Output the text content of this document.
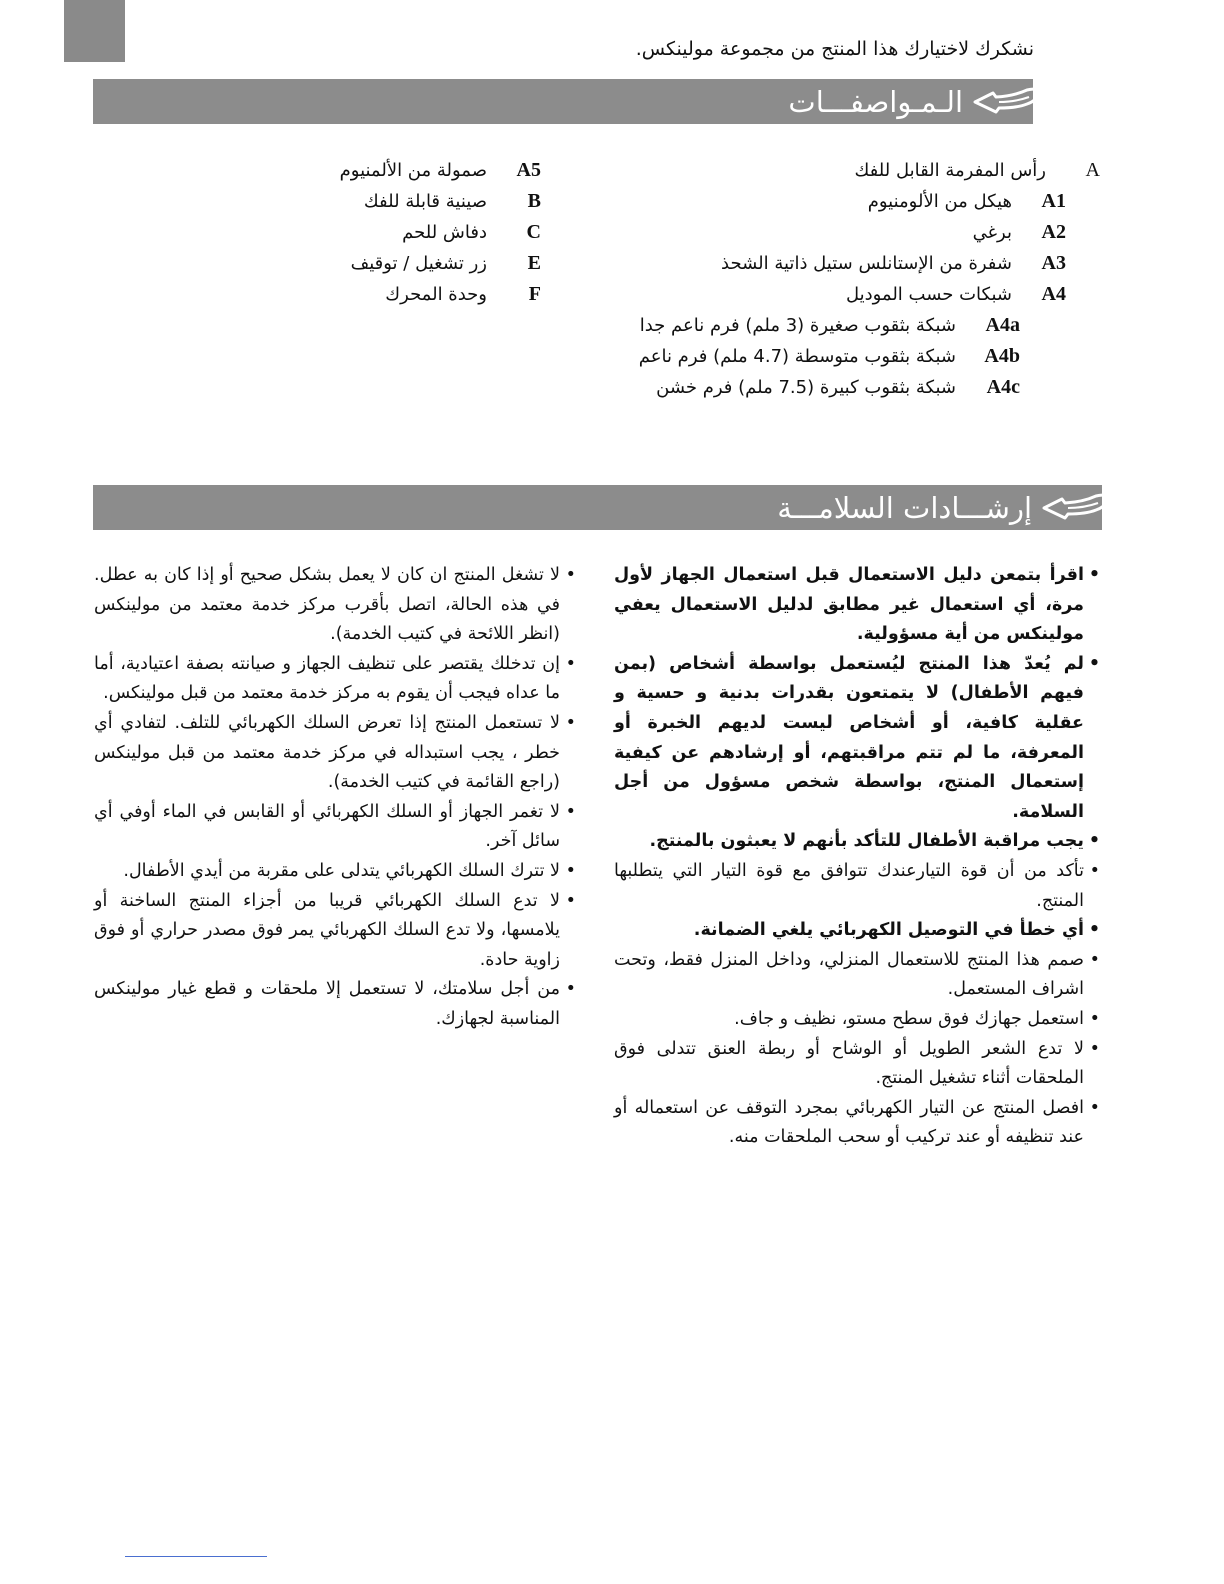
نشكرك لاختيارك هذا المنتج من مجموعة مولينكس.
الـمـواصفـــات
A
رأس المفرمة القابل للفك
A1
هيكل من الألومنيوم
A2
برغي
A3
شفرة من الإستانلس ستيل ذاتية الشحذ
A4
شبكات حسب الموديل
A4a
شبكة بثقوب صغيرة (3 ملم) فرم ناعم جدا
A4b
شبكة بثقوب متوسطة (4.7 ملم) فرم ناعم
A4c
شبكة بثقوب كبيرة (7.5 ملم) فرم خشن
A5
صمولة من الألمنيوم
B
صينية قابلة للفك
C
دفاش للحم
E
زر تشغيل / توقيف
F
وحدة المحرك
إرشـــادات السلامـــة
• اقرأ بتمعن دليل الاستعمال قبل استعمال الجهاز لأول مرة، أي استعمال غير مطابق لدليل الاستعمال يعفي مولينكس من أية مسؤولية.
• لم يُعدّ هذا المنتج ليُستعمل بواسطة أشخاص (بمن فيهم الأطفال) لا يتمتعون بقدرات بدنية و حسية و عقلية كافية، أو أشخاص ليست لديهم الخبرة أو المعرفة، ما لم تتم مراقبتهم، أو إرشادهم عن كيفية إستعمال المنتج، بواسطة شخص مسؤول من أجل السلامة.
• يجب مراقبة الأطفال للتأكد بأنهم لا يعبثون بالمنتج.
• تأكد من أن قوة التيارعندك تتوافق مع قوة التيار التي يتطلبها المنتج.
• أي خطأ في التوصيل الكهربائي يلغي الضمانة.
• صمم هذا المنتج للاستعمال المنزلي، وداخل المنزل فقط، وتحت اشراف المستعمل.
• استعمل جهازك فوق سطح مستو، نظيف و جاف.
• لا تدع الشعر الطويل أو الوشاح أو ربطة العنق تتدلى فوق الملحقات أثناء تشغيل المنتج.
• افصل المنتج عن التيار الكهربائي بمجرد التوقف عن استعماله أو عند تنظيفه أو عند تركيب أو سحب الملحقات منه.
• لا تشغل المنتج ان كان لا يعمل بشكل صحيح أو إذا كان به عطل. في هذه الحالة، اتصل بأقرب مركز خدمة معتمد من مولينكس (انظر اللائحة في كتيب الخدمة).
• إن تدخلك يقتصر على تنظيف الجهاز و صيانته بصفة اعتيادية، أما ما عداه فيجب أن يقوم به مركز خدمة معتمد من قبل مولينكس.
• لا تستعمل المنتج إذا تعرض السلك الكهربائي للتلف. لتفادي أي خطر ، يجب استبداله في مركز خدمة معتمد من قبل مولينكس (راجع القائمة في كتيب الخدمة).
• لا تغمر الجهاز أو السلك الكهربائي أو القابس في الماء أوفي أي سائل آخر.
• لا تترك السلك الكهربائي يتدلى على مقربة من أيدي الأطفال.
• لا تدع السلك الكهربائي قريبا من أجزاء المنتج الساخنة أو يلامسها، ولا تدع السلك الكهربائي يمر فوق مصدر حراري أو فوق زاوية حادة.
• من أجل سلامتك، لا تستعمل إلا ملحقات و قطع غيار مولينكس المناسبة لجهازك.
